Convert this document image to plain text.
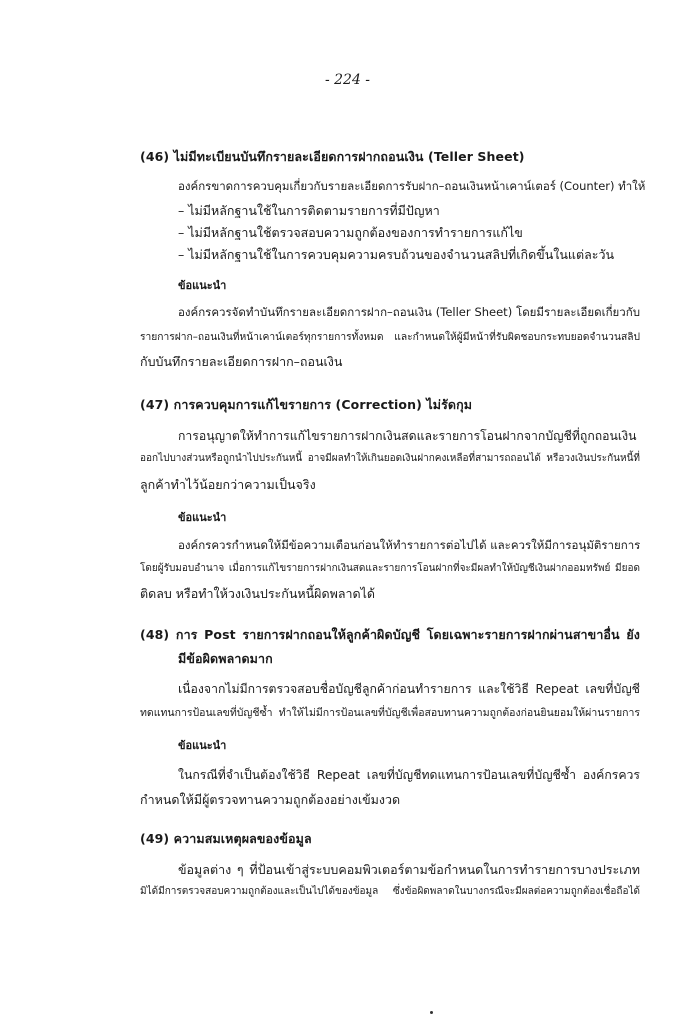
- 224 -
(46) ไม่มีทะเบียนบันทึกรายละเอียดการฝากถอนเงิน (Teller Sheet)
องค์กรขาดการควบคุมเกี่ยวกับรายละเอียดการรับฝาก–ถอนเงินหน้าเคาน์เตอร์ (Counter) ทำให้
– ไม่มีหลักฐานใช้ในการติดตามรายการที่มีปัญหา
– ไม่มีหลักฐานใช้ตรวจสอบความถูกต้องของการทำรายการแก้ไข
– ไม่มีหลักฐานใช้ในการควบคุมความครบถ้วนของจำนวนสลิปที่เกิดขึ้นในแต่ละวัน
ข้อแนะนำ
องค์กรควรจัดทำบันทึกรายละเอียดการฝาก–ถอนเงิน (Teller Sheet) โดยมีรายละเอียดเกี่ยวกับ
รายการฝาก–ถอนเงินที่หน้าเคาน์เตอร์ทุกรายการทั้งหมด และกำหนดให้ผู้มีหน้าที่รับผิดชอบกระทบยอดจำนวนสลิป
กับบันทึกรายละเอียดการฝาก–ถอนเงิน
(47) การควบคุมการแก้ไขรายการ (Correction) ไม่รัดกุม
การอนุญาตให้ทำการแก้ไขรายการฝากเงินสดและรายการโอนฝากจากบัญชีที่ถูกถอนเงิน
ออกไปบางส่วนหรือถูกนำไปประกันหนี้ อาจมีผลทำให้เกินยอดเงินฝากคงเหลือที่สามารถถอนได้ หรือวงเงินประกันหนี้ที่
ลูกค้าทำไว้น้อยกว่าความเป็นจริง
ข้อแนะนำ
องค์กรควรกำหนดให้มีข้อความเตือนก่อนให้ทำรายการต่อไปได้ และควรให้มีการอนุมัติรายการ
โดยผู้รับมอบอำนาจ เมื่อการแก้ไขรายการฝากเงินสดและรายการโอนฝากที่จะมีผลทำให้บัญชีเงินฝากออมทรัพย์ มียอด
ติดลบ หรือทำให้วงเงินประกันหนี้ผิดพลาดได้
(48) การ Post รายการฝากถอนให้ลูกค้าผิดบัญชี โดยเฉพาะรายการฝากผ่านสาขาอื่น ยัง
มีข้อผิดพลาดมาก
เนื่องจากไม่มีการตรวจสอบชื่อบัญชีลูกค้าก่อนทำรายการ และใช้วิธี Repeat เลขที่บัญชี
ทดแทนการป้อนเลขที่บัญชีซ้ำ ทำให้ไม่มีการป้อนเลขที่บัญชีเพื่อสอบทานความถูกต้องก่อนยินยอมให้ผ่านรายการ
ข้อแนะนำ
ในกรณีที่จำเป็นต้องใช้วิธี Repeat เลขที่บัญชีทดแทนการป้อนเลขที่บัญชีซ้ำ องค์กรควร
กำหนดให้มีผู้ตรวจทานความถูกต้องอย่างเข้มงวด
(49) ความสมเหตุผลของข้อมูล
ข้อมูลต่าง ๆ ที่ป้อนเข้าสู่ระบบคอมพิวเตอร์ตามข้อกำหนดในการทำรายการบางประเภท
มิได้มีการตรวจสอบความถูกต้องและเป็นไปได้ของข้อมูล ซึ่งข้อผิดพลาดในบางกรณีจะมีผลต่อความถูกต้องเชื่อถือได้
